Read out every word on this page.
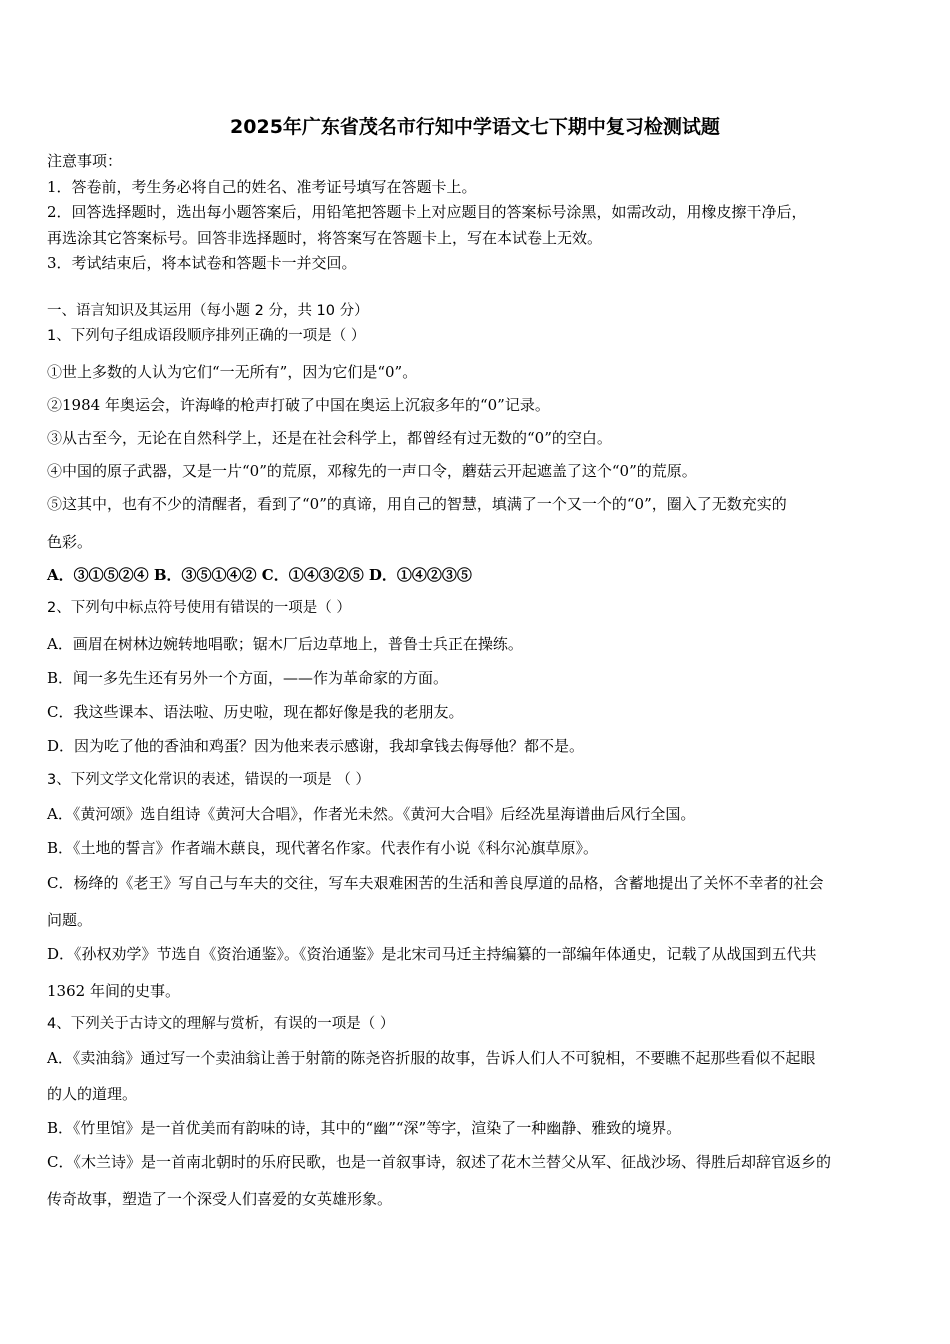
2025年广东省茂名市行知中学语文七下期中复习检测试题
注意事项：
1．答卷前，考生务必将自己的姓名、准考证号填写在答题卡上。
2．回答选择题时，选出每小题答案后，用铅笔把答题卡上对应题目的答案标号涂黑，如需改动，用橡皮擦干净后，
再选涂其它答案标号。回答非选择题时，将答案写在答题卡上，写在本试卷上无效。
3．考试结束后，将本试卷和答题卡一并交回。
一、语言知识及其运用（每小题 2 分，共 10 分）
1、下列句子组成语段顺序排列正确的一项是（ ）
①世上多数的人认为它们“一无所有”，因为它们是“0”。
②1984 年奥运会，许海峰的枪声打破了中国在奥运上沉寂多年的“0”记录。
③从古至今，无论在自然科学上，还是在社会科学上，都曾经有过无数的“0”的空白。
④中国的原子武器，又是一片“0”的荒原，邓稼先的一声口令，蘑菇云开起遮盖了这个“0”的荒原。
⑤这其中，也有不少的清醒者，看到了“0”的真谛，用自己的智慧，填满了一个又一个的“0”，圈入了无数充实的
色彩。
A．③①⑤②④ B．③⑤①④② C．①④③②⑤ D．①④②③⑤
2、下列句中标点符号使用有错误的一项是（ ）
A．画眉在树林边婉转地唱歌；锯木厂后边草地上，普鲁士兵正在操练。
B．闻一多先生还有另外一个方面，——作为革命家的方面。
C．我这些课本、语法啦、历史啦，现在都好像是我的老朋友。
D．因为吃了他的香油和鸡蛋？因为他来表示感谢，我却拿钱去侮辱他？都不是。
3、下列文学文化常识的表述，错误的一项是 （ ）
A．《黄河颂》选自组诗《黄河大合唱》，作者光未然。《黄河大合唱》后经冼星海谱曲后风行全国。
B．《土地的誓言》作者端木蕻良，现代著名作家。代表作有小说《科尔沁旗草原》。
C．杨绛的《老王》写自己与车夫的交往，写车夫艰难困苦的生活和善良厚道的品格，含蓄地提出了关怀不幸者的社会
问题。
D．《孙权劝学》节选自《资治通鉴》。《资治通鉴》是北宋司马迁主持编纂的一部编年体通史，记载了从战国到五代共
1362 年间的史事。
4、下列关于古诗文的理解与赏析，有误的一项是（ ）
A．《卖油翁》通过写一个卖油翁让善于射箭的陈尧咨折服的故事，告诉人们人不可貌相，不要瞧不起那些看似不起眼
的人的道理。
B．《竹里馆》是一首优美而有韵味的诗，其中的“幽”“深”等字，渲染了一种幽静、雅致的境界。
C．《木兰诗》是一首南北朝时的乐府民歌，也是一首叙事诗，叙述了花木兰替父从军、征战沙场、得胜后却辞官返乡的
传奇故事，塑造了一个深受人们喜爱的女英雄形象。
